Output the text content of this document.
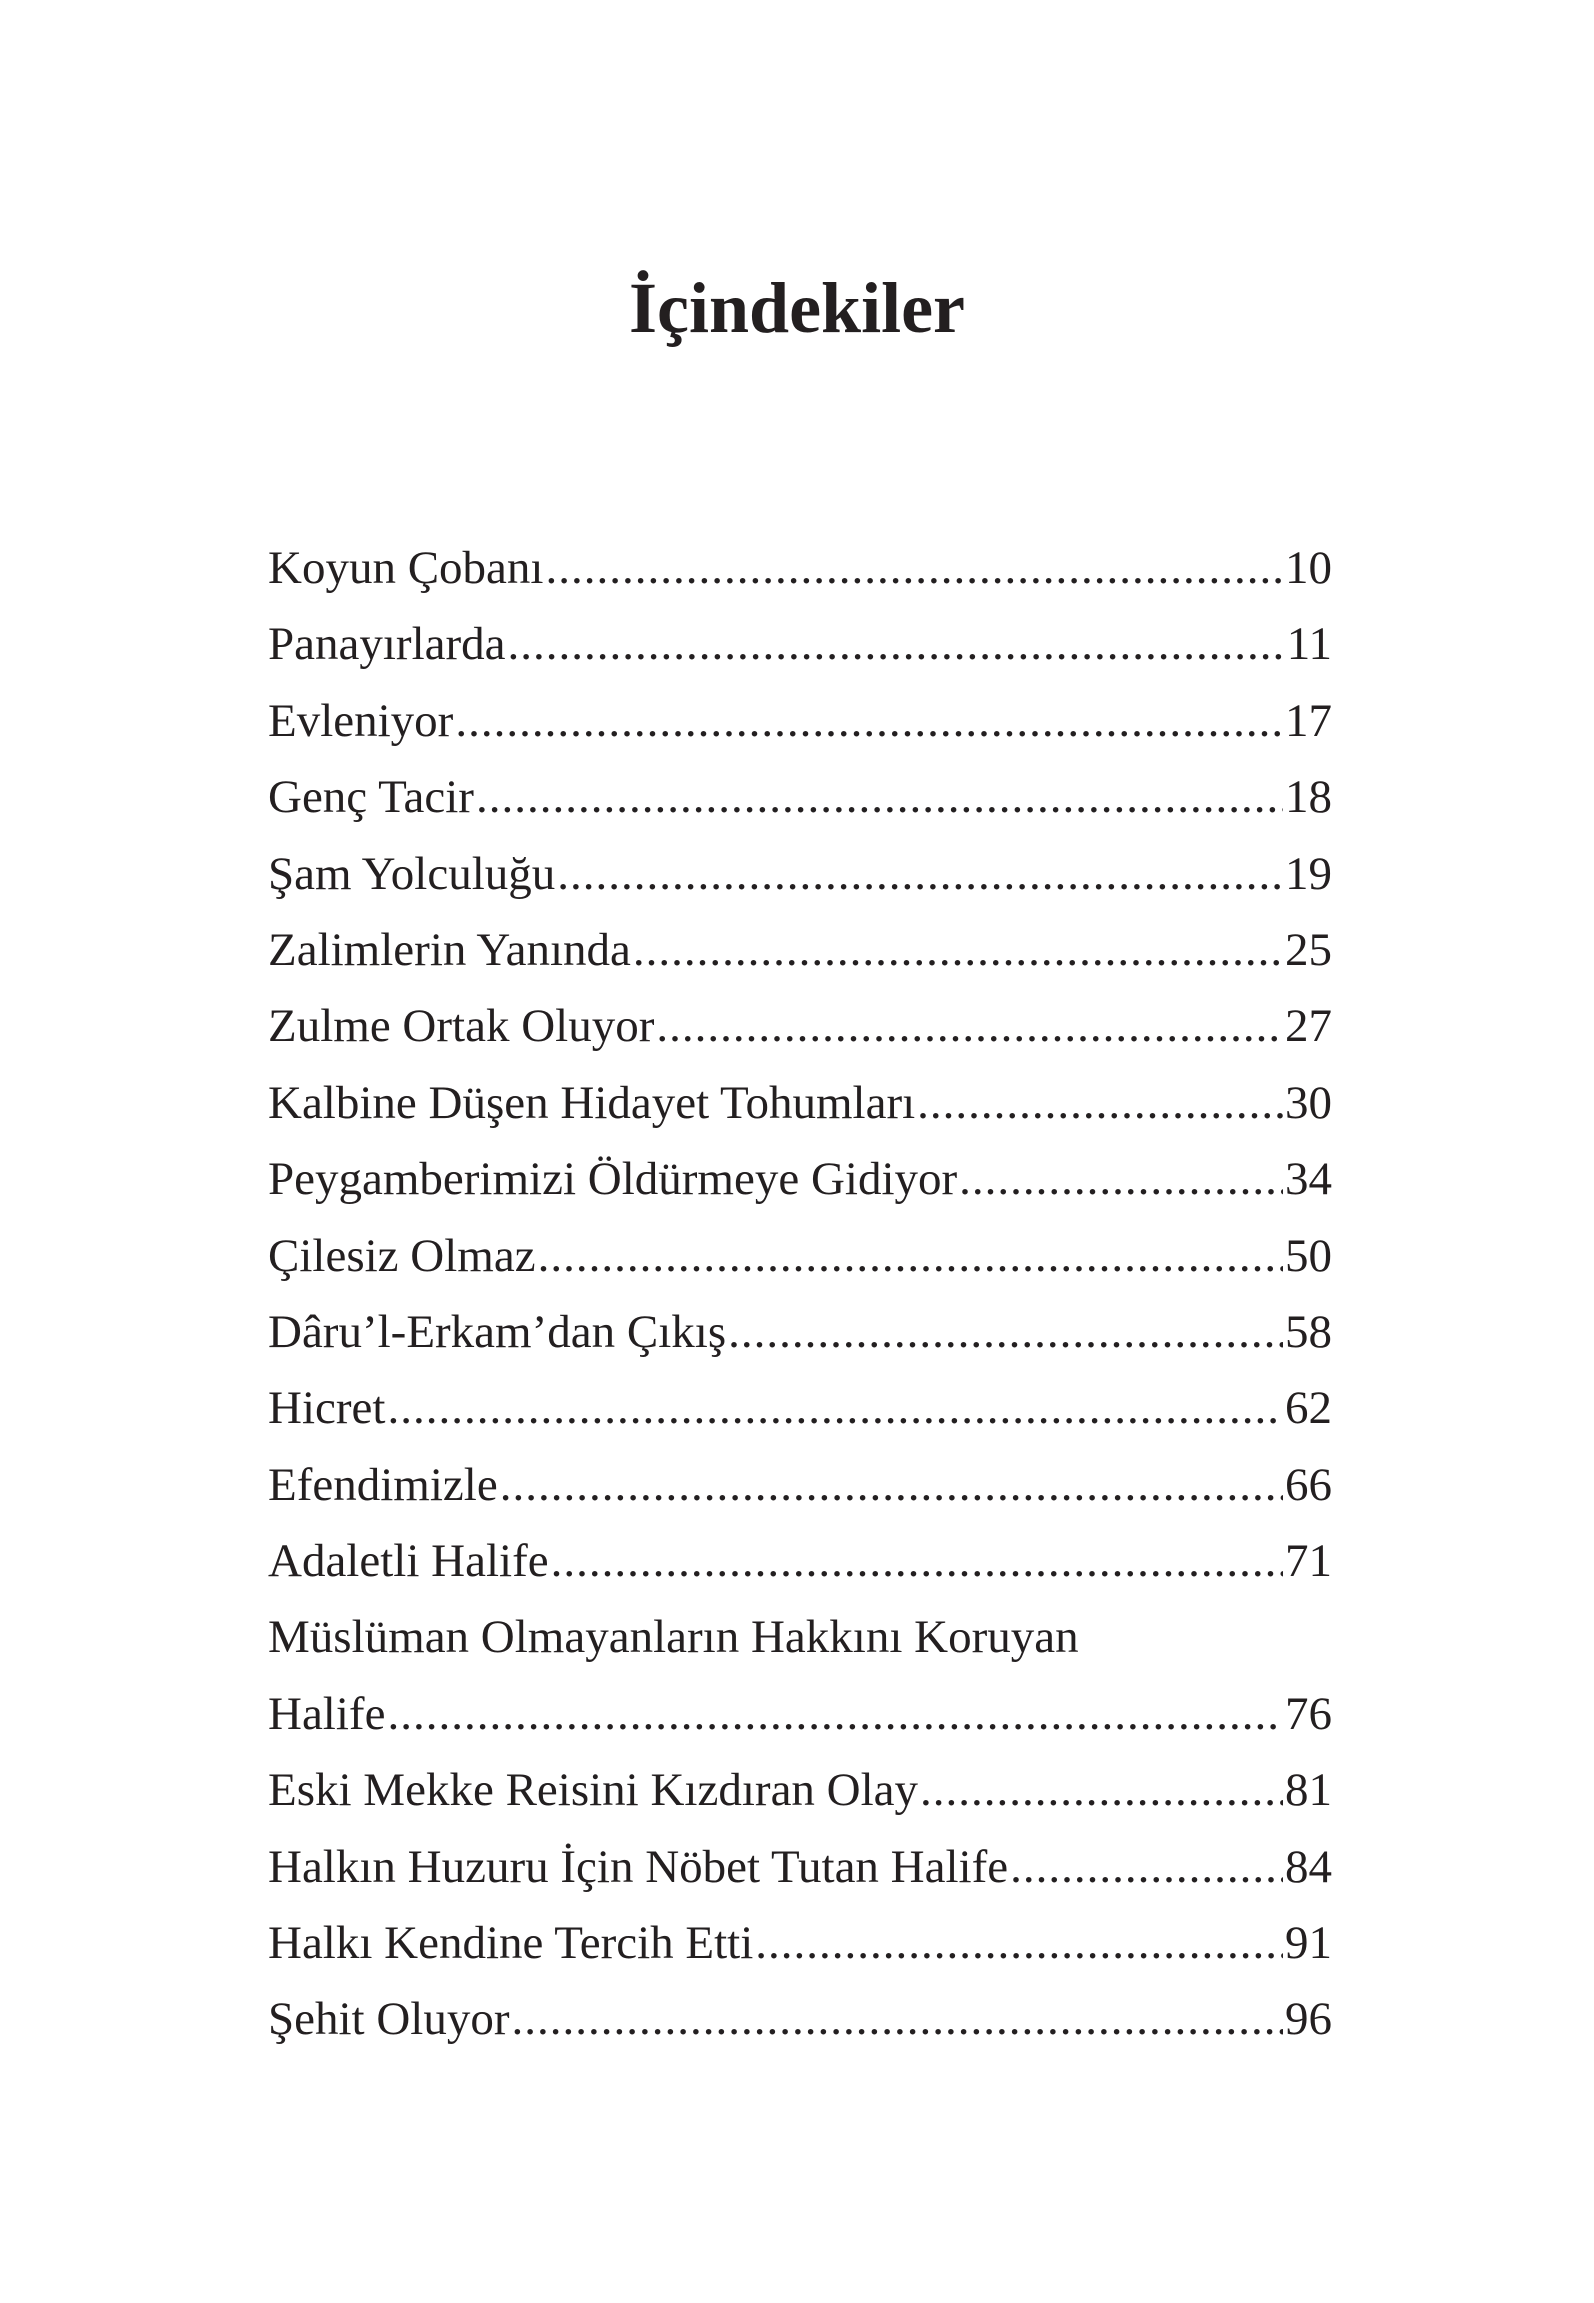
İçindekiler
Koyun Çobanı .....	10
Panayırlarda .....	11
Evleniyor .....	17
Genç Tacir .....	18
Şam Yolculuğu .....	19
Zalimlerin Yanında .....	25
Zulme Ortak Oluyor .....	27
Kalbine Düşen Hidayet Tohumları .....	30
Peygamberimizi Öldürmeye Gidiyor .....	34
Çilesiz Olmaz .....	50
Dâru’l-Erkam’dan Çıkış .....	58
Hicret .....	62
Efendimizle .....	66
Adaletli Halife .....	71
Müslüman Olmayanların Hakkını Koruyan
Halife .....	76
Eski Mekke Reisini Kızdıran Olay .....	81
Halkın Huzuru İçin Nöbet Tutan Halife .....	84
Halkı Kendine Tercih Etti .....	91
Şehit Oluyor .....	96
